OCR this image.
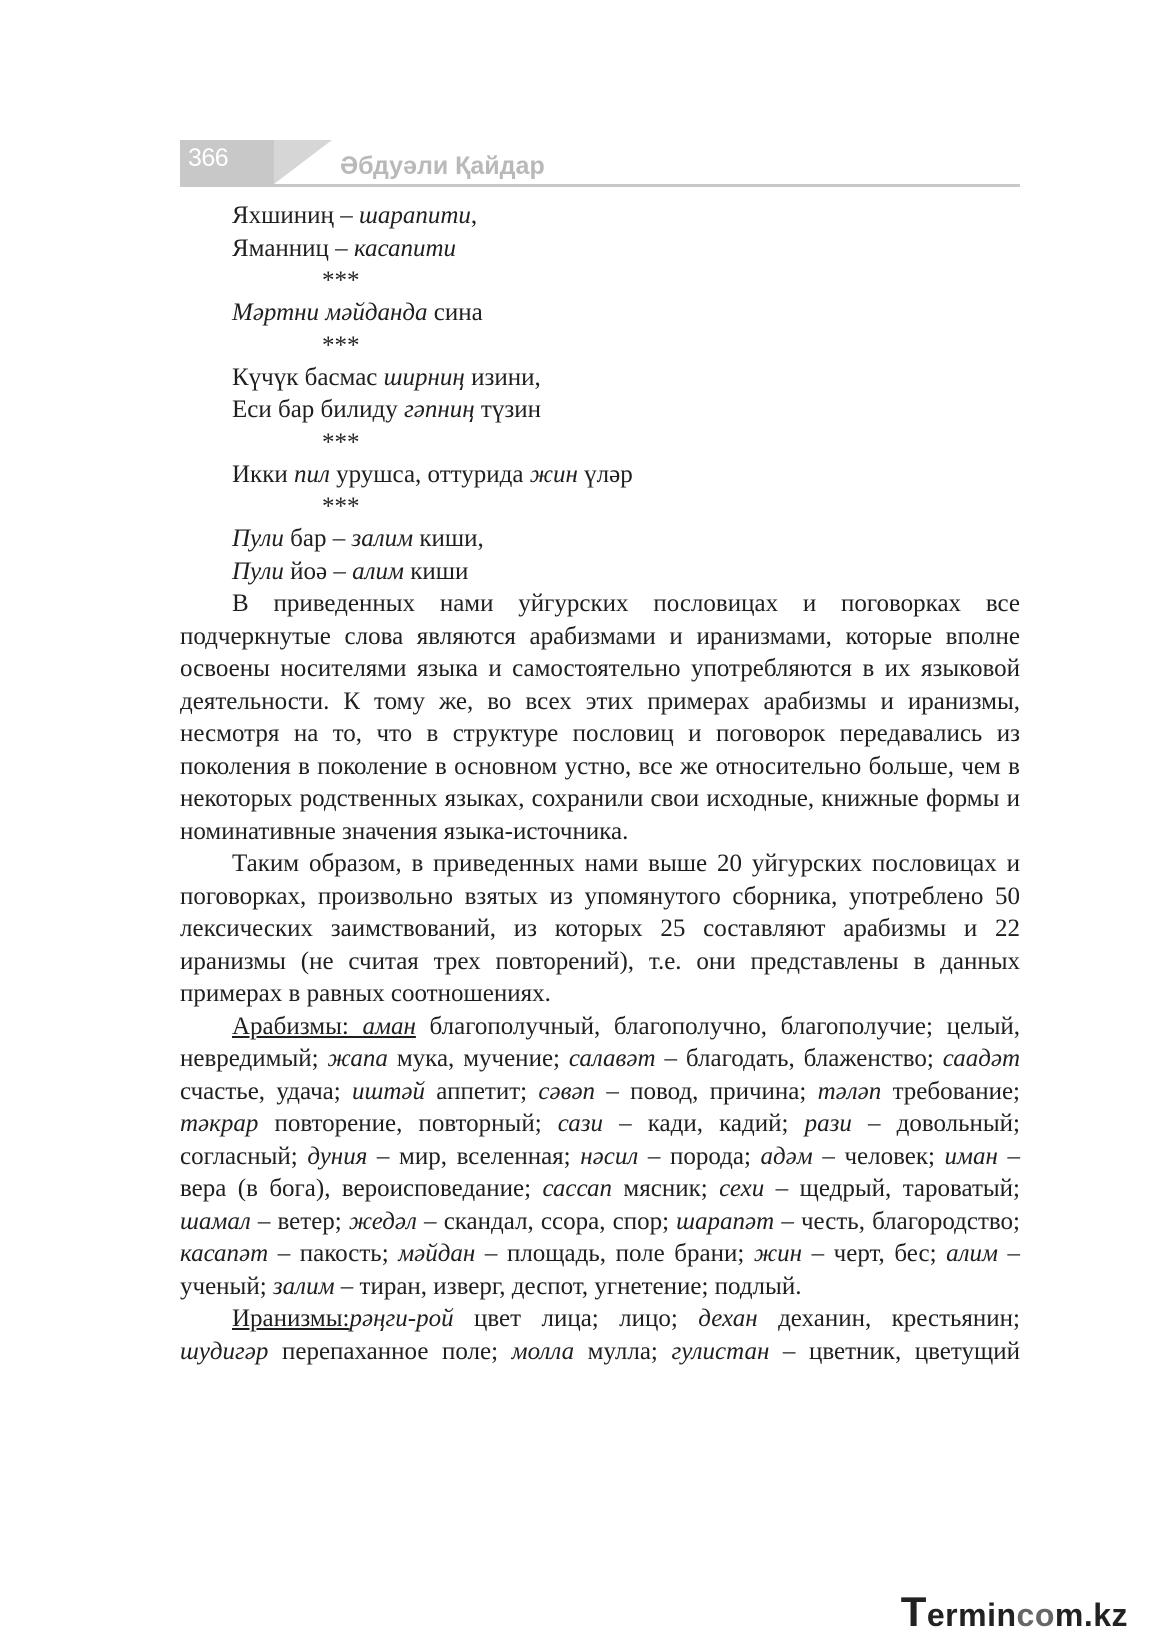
366	Әбдуәли Қайдар
Яхшиниң – шарапити,
Яманниц – касапити
***
Мәртни мәйданда сина
***
Күчүк басмас ширниң изини,
Еси бар билиду гәпниң түзин
***
Икки пил урушса, оттурида жин үләр
***
Пули бар – залим киши,
Пули йоә – алим киши

В приведенных нами уйгурских пословицах и поговорках все подчеркнутые слова являются арабизмами и иранизмами, которые вполне освоены носителями языка и самостоятельно употребляются в их языковой деятельности. К тому же, во всех этих примерах арабизмы и иранизмы, несмотря на то, что в структуре пословиц и поговорок передавались из поколения в поколение в основном устно, все же относительно больше, чем в некоторых родственных языках, сохранили свои исходные, книжные формы и номинативные значения языка-источника.

Таким образом, в приведенных нами выше 20 уйгурских пословицах и поговорках, произвольно взятых из упомянутого сборника, употреблено 50 лексических заимствований, из которых 25 составляют арабизмы и 22 иранизмы (не считая трех повторений), т.е. они представлены в данных примерах в равных соотношениях.

Арабизмы: аман благополучный, благополучно, благополучие; целый, невредимый; жапа мука, мучение; салавәт – благодать, блаженство; саадәт счастье, удача; иштәй аппетит; сәвәп – повод, причина; тәләп требование; тәкрар повторение, повторный; сази – кади, кадий; рази – довольный; согласный; дуния – мир, вселенная; нәсил – порода; адәм – человек; иман – вера (в бога), вероисповедание; сассап мясник; сехи – щедрый, тароватый; шамал – ветер; жедәл – скандал, ссора, спор; шарапәт – честь, благородство; касапәт – пакость; мәйдан – площадь, поле брани; жин – черт, бес; алим – ученый; залим – тиран, изверг, деспот, угнетение; подлый.

Иранизмы:рәңги-рой цвет лица; лицо; дехан деханин, крестьянин; шудигәр перепаханное поле; молла мулла; гулистан – цветник, цветущий

Termincom.kz
